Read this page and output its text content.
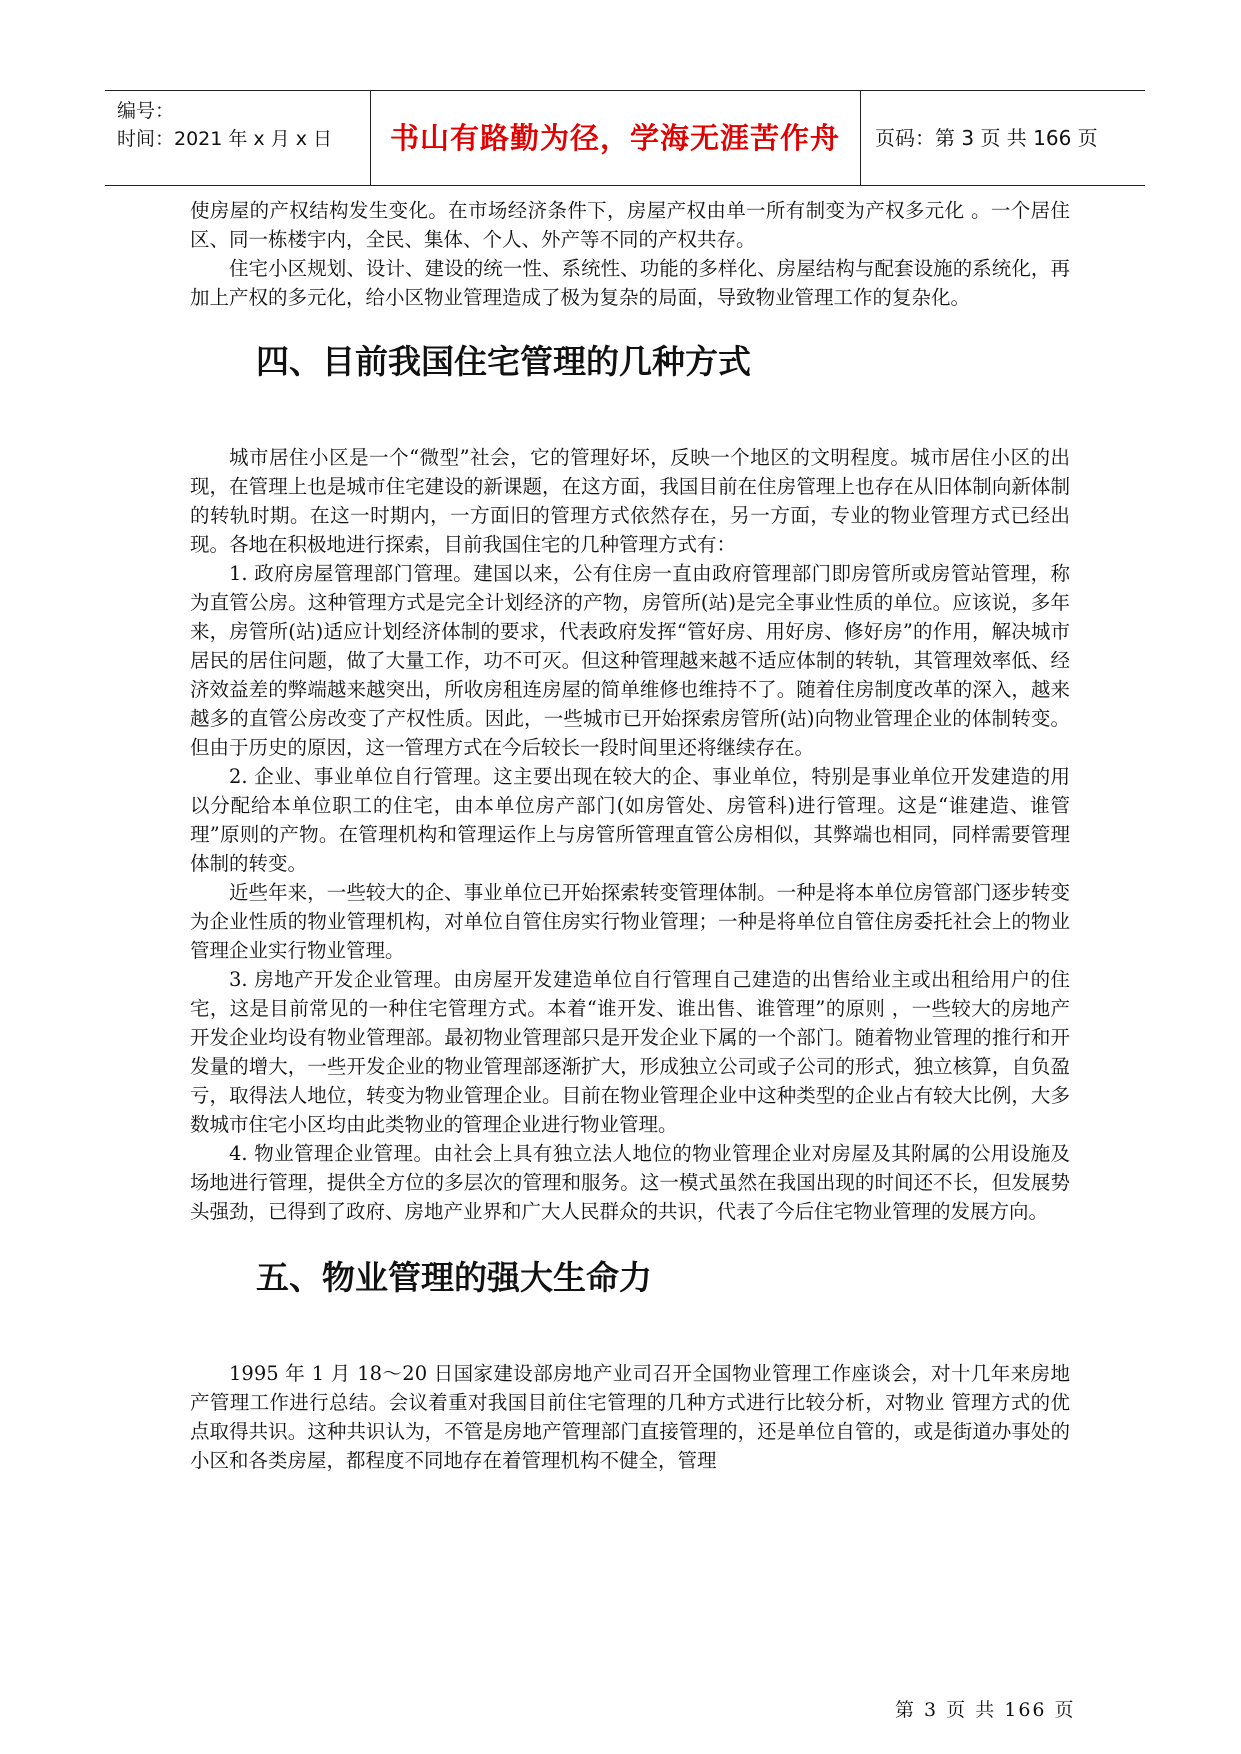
编号：
时间：2021 年 x 月 x 日	书山有路勤为径，学海无涯苦作舟	页码：第 3 页 共 166 页

使房屋的产权结构发生变化。在市场经济条件下，房屋产权由单一所有制变为产权多元化 。一个居住区、同一栋楼宇内，全民、集体、个人、外产等不同的产权共存。

住宅小区规划、设计、建设的统一性、系统性、功能的多样化、房屋结构与配套设施的系统化，再加上产权的多元化，给小区物业管理造成了极为复杂的局面，导致物业管理工作的复杂化。

四、目前我国住宅管理的几种方式

城市居住小区是一个“微型”社会，它的管理好坏，反映一个地区的文明程度。城市居住小区的出现，在管理上也是城市住宅建设的新课题，在这方面，我国目前在住房管理上也存在从旧体制向新体制的转轨时期。在这一时期内，一方面旧的管理方式依然存在，另一方面，专业的物业管理方式已经出现。各地在积极地进行探索，目前我国住宅的几种管理方式有：

1. 政府房屋管理部门管理。建国以来，公有住房一直由政府管理部门即房管所或房管站管理，称为直管公房。这种管理方式是完全计划经济的产物，房管所(站)是完全事业性质的单位。应该说，多年来，房管所(站)适应计划经济体制的要求，代表政府发挥“管好房、用好房、修好房”的作用，解决城市居民的居住问题，做了大量工作，功不可灭。但这种管理越来越不适应体制的转轨，其管理效率低、经济效益差的弊端越来越突出，所收房租连房屋的简单维修也维持不了。随着住房制度改革的深入，越来越多的直管公房改变了产权性质。因此，一些城市已开始探索房管所(站)向物业管理企业的体制转变。但由于历史的原因，这一管理方式在今后较长一段时间里还将继续存在。

2. 企业、事业单位自行管理。这主要出现在较大的企、事业单位，特别是事业单位开发建造的用以分配给本单位职工的住宅，由本单位房产部门(如房管处、房管科)进行管理。这是“谁建造、谁管理”原则的产物。在管理机构和管理运作上与房管所管理直管公房相似，其弊端也相同，同样需要管理体制的转变。

近些年来，一些较大的企、事业单位已开始探索转变管理体制。一种是将本单位房管部门逐步转变为企业性质的物业管理机构，对单位自管住房实行物业管理；一种是将单位自管住房委托社会上的物业管理企业实行物业管理。

3. 房地产开发企业管理。由房屋开发建造单位自行管理自己建造的出售给业主或出租给用户的住宅，这是目前常见的一种住宅管理方式。本着“谁开发、谁出售、谁管理”的原则 ，一些较大的房地产开发企业均设有物业管理部。最初物业管理部只是开发企业下属的一个部门。随着物业管理的推行和开发量的增大，一些开发企业的物业管理部逐渐扩大，形成独立公司或子公司的形式，独立核算，自负盈亏，取得法人地位，转变为物业管理企业。目前在物业管理企业中这种类型的企业占有较大比例，大多数城市住宅小区均由此类物业的管理企业进行物业管理。

4. 物业管理企业管理。由社会上具有独立法人地位的物业管理企业对房屋及其附属的公用设施及场地进行管理，提供全方位的多层次的管理和服务。这一模式虽然在我国出现的时间还不长，但发展势头强劲，已得到了政府、房地产业界和广大人民群众的共识，代表了今后住宅物业管理的发展方向。

五、物业管理的强大生命力

1995 年 1 月 18～20 日国家建设部房地产业司召开全国物业管理工作座谈会，对十几年来房地产管理工作进行总结。会议着重对我国目前住宅管理的几种方式进行比较分析，对物业 管理方式的优点取得共识。这种共识认为，不管是房地产管理部门直接管理的，还是单位自管的，或是街道办事处的小区和各类房屋，都程度不同地存在着管理机构不健全，管理

第 3 页 共 166 页
